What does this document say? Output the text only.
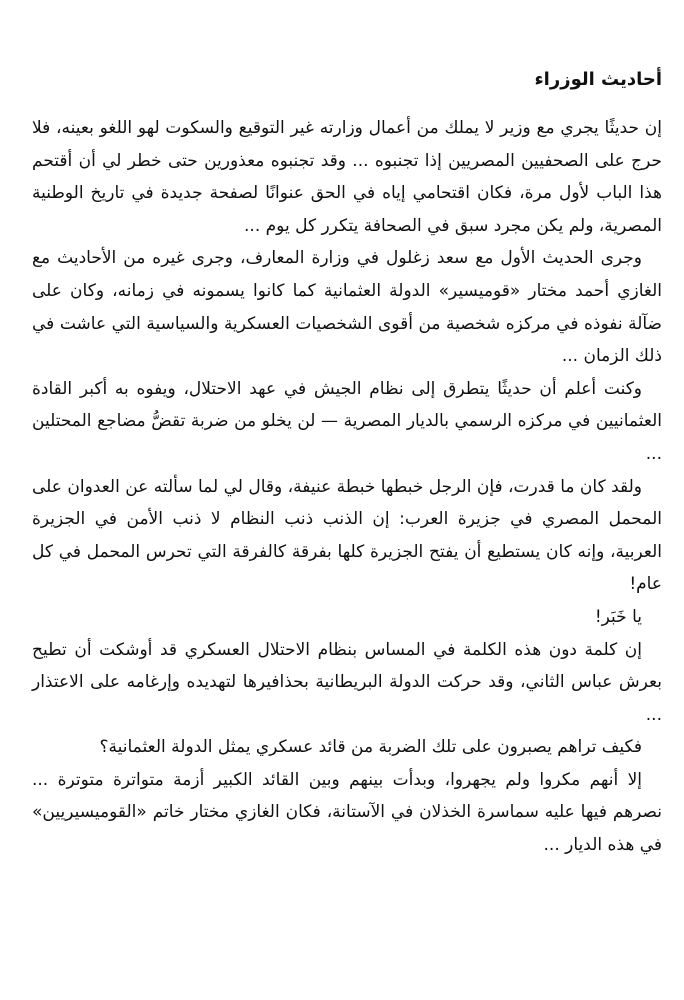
أحاديث الوزراء

إن حديثًا يجري مع وزير لا يملك من أعمال وزارته غير التوقيع والسكوت لهو اللغو بعينه، فلا حرج على الصحفيين المصريين إذا تجنبوه ... وقد تجنبوه معذورين حتى خطر لي أن أقتحم هذا الباب لأول مرة، فكان اقتحامي إياه في الحق عنوانًا لصفحة جديدة في تاريخ الوطنية المصرية، ولم يكن مجرد سبق في الصحافة يتكرر كل يوم ...

وجرى الحديث الأول مع سعد زغلول في وزارة المعارف، وجرى غيره من الأحاديث مع الغازي أحمد مختار «قوميسير» الدولة العثمانية كما كانوا يسمونه في زمانه، وكان على ضآلة نفوذه في مركزه شخصية من أقوى الشخصيات العسكرية والسياسية التي عاشت في ذلك الزمان ...

وكنت أعلم أن حديثًا يتطرق إلى نظام الجيش في عهد الاحتلال، ويفوه به أكبر القادة العثمانيين في مركزه الرسمي بالديار المصرية — لن يخلو من ضربة تقضُّ مضاجع المحتلين ...

ولقد كان ما قدرت، فإن الرجل خبطها خبطة عنيفة، وقال لي لما سألته عن العدوان على المحمل المصري في جزيرة العرب: إن الذنب ذنب النظام لا ذنب الأمن في الجزيرة العربية، وإنه كان يستطيع أن يفتح الجزيرة كلها بفرقة كالفرقة التي تحرس المحمل في كل عام!

يا خَبَر!

إن كلمة دون هذه الكلمة في المساس بنظام الاحتلال العسكري قد أوشكت أن تطيح بعرش عباس الثاني، وقد حركت الدولة البريطانية بحذافيرها لتهديده وإرغامه على الاعتذار ...

فكيف تراهم يصبرون على تلك الضربة من قائد عسكري يمثل الدولة العثمانية؟

إلا أنهم مكروا ولم يجهروا، وبدأت بينهم وبين القائد الكبير أزمة متواترة متوترة ... نصرهم فيها عليه سماسرة الخذلان في الآستانة، فكان الغازي مختار خاتم «القوميسيريين» في هذه الديار ...
